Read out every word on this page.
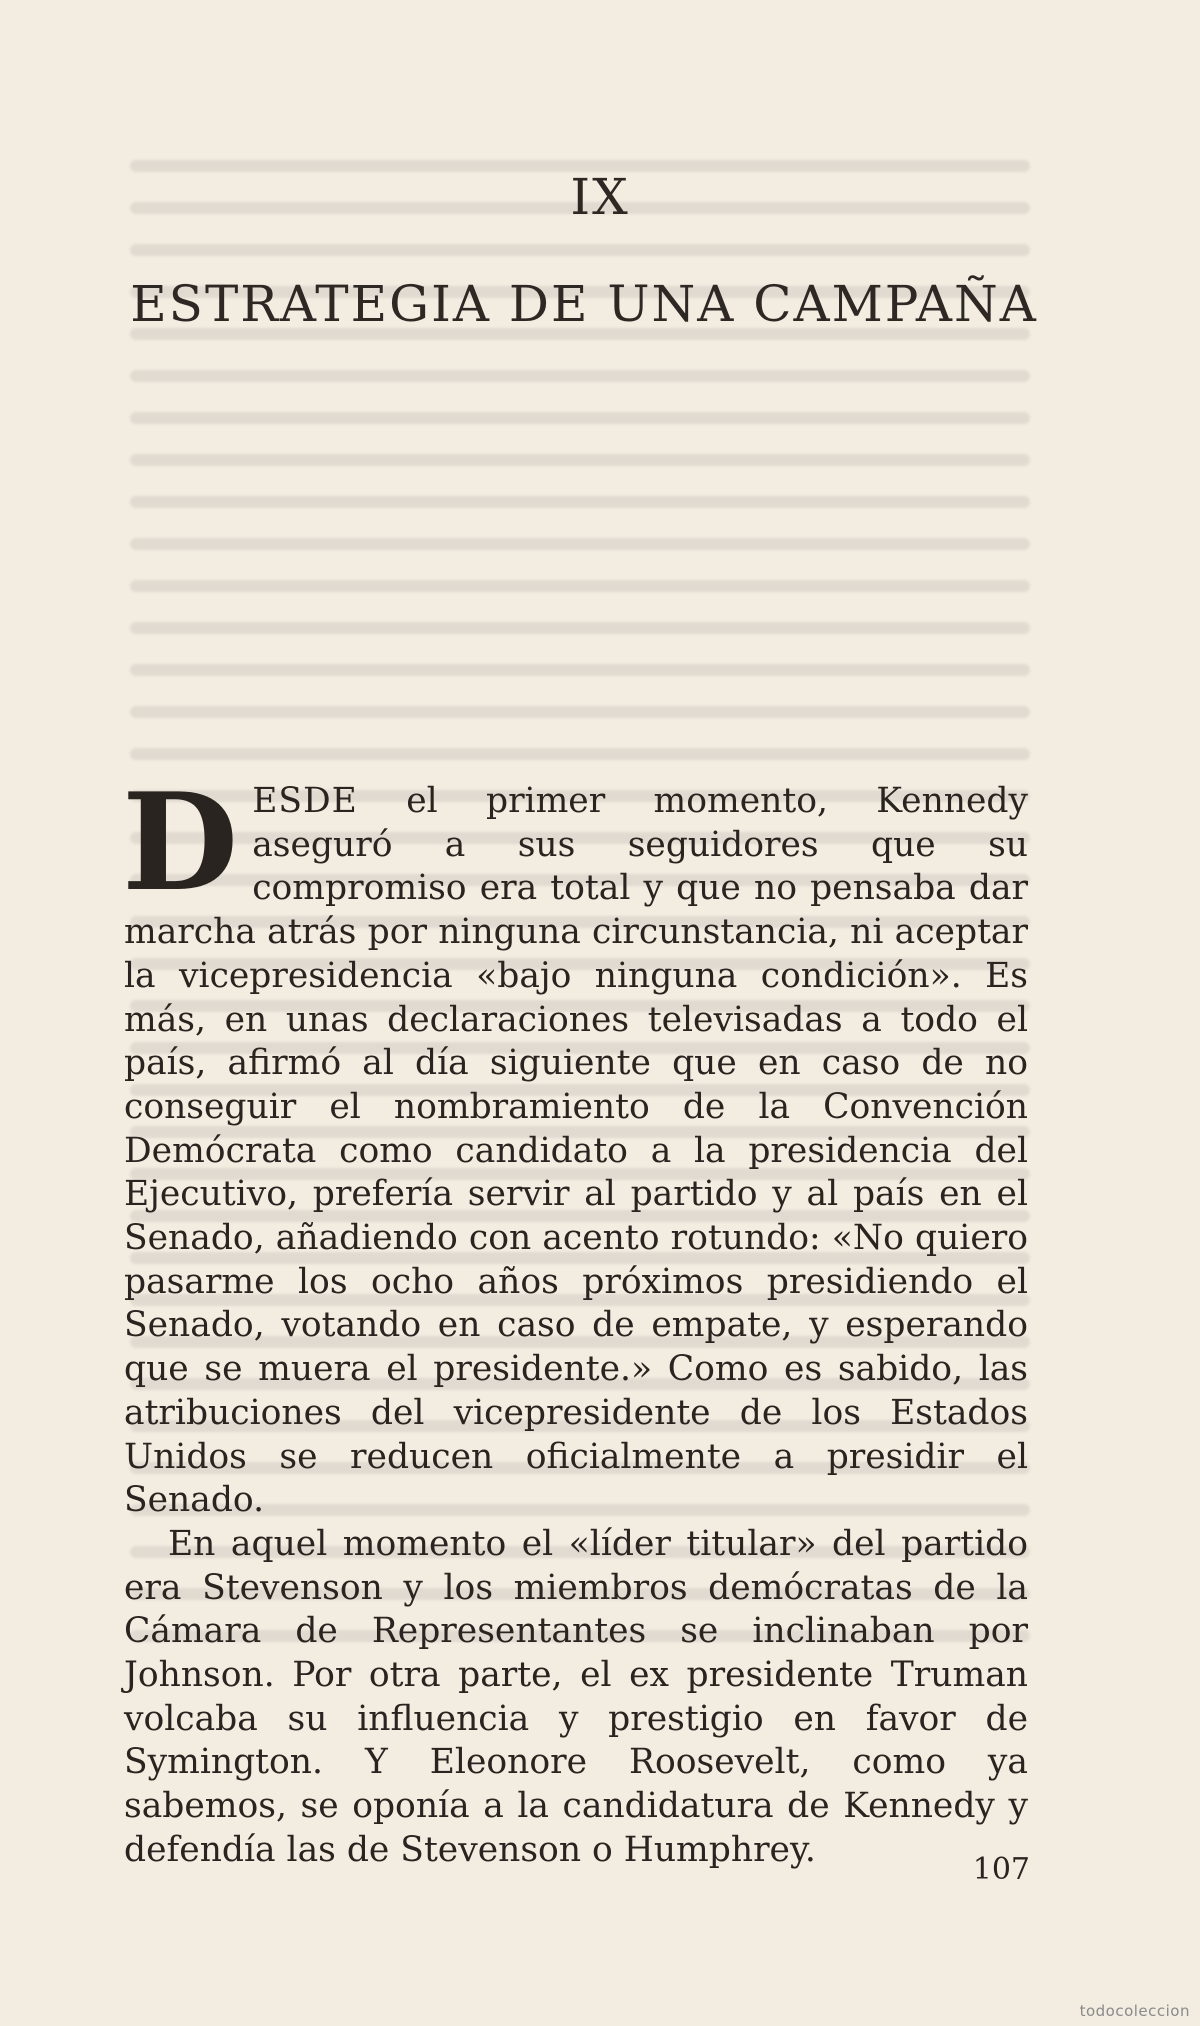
IX
ESTRATEGIA DE UNA CAMPAÑA

DESDE el primer momento, Kennedy aseguró a sus seguidores que su compromiso era total y que no pensaba dar marcha atrás por ninguna circunstancia, ni aceptar la vicepresidencia «bajo ninguna condición». Es más, en unas declaraciones televisadas a todo el país, afirmó al día siguiente que en caso de no conseguir el nombramiento de la Convención Demócrata como candidato a la presidencia del Ejecutivo, prefería servir al partido y al país en el Senado, añadiendo con acento rotundo: «No quiero pasarme los ocho años próximos presidiendo el Senado, votando en caso de empate, y esperando que se muera el presidente.» Como es sabido, las atribuciones del vicepresidente de los Estados Unidos se reducen oficialmente a presidir el Senado.

En aquel momento el «líder titular» del partido era Stevenson y los miembros demócratas de la Cámara de Representantes se inclinaban por Johnson. Por otra parte, el ex presidente Truman volcaba su influencia y prestigio en favor de Symington. Y Eleonore Roosevelt, como ya sabemos, se oponía a la candidatura de Kennedy y defendía las de Stevenson o Humphrey.	107
todocoleccion
